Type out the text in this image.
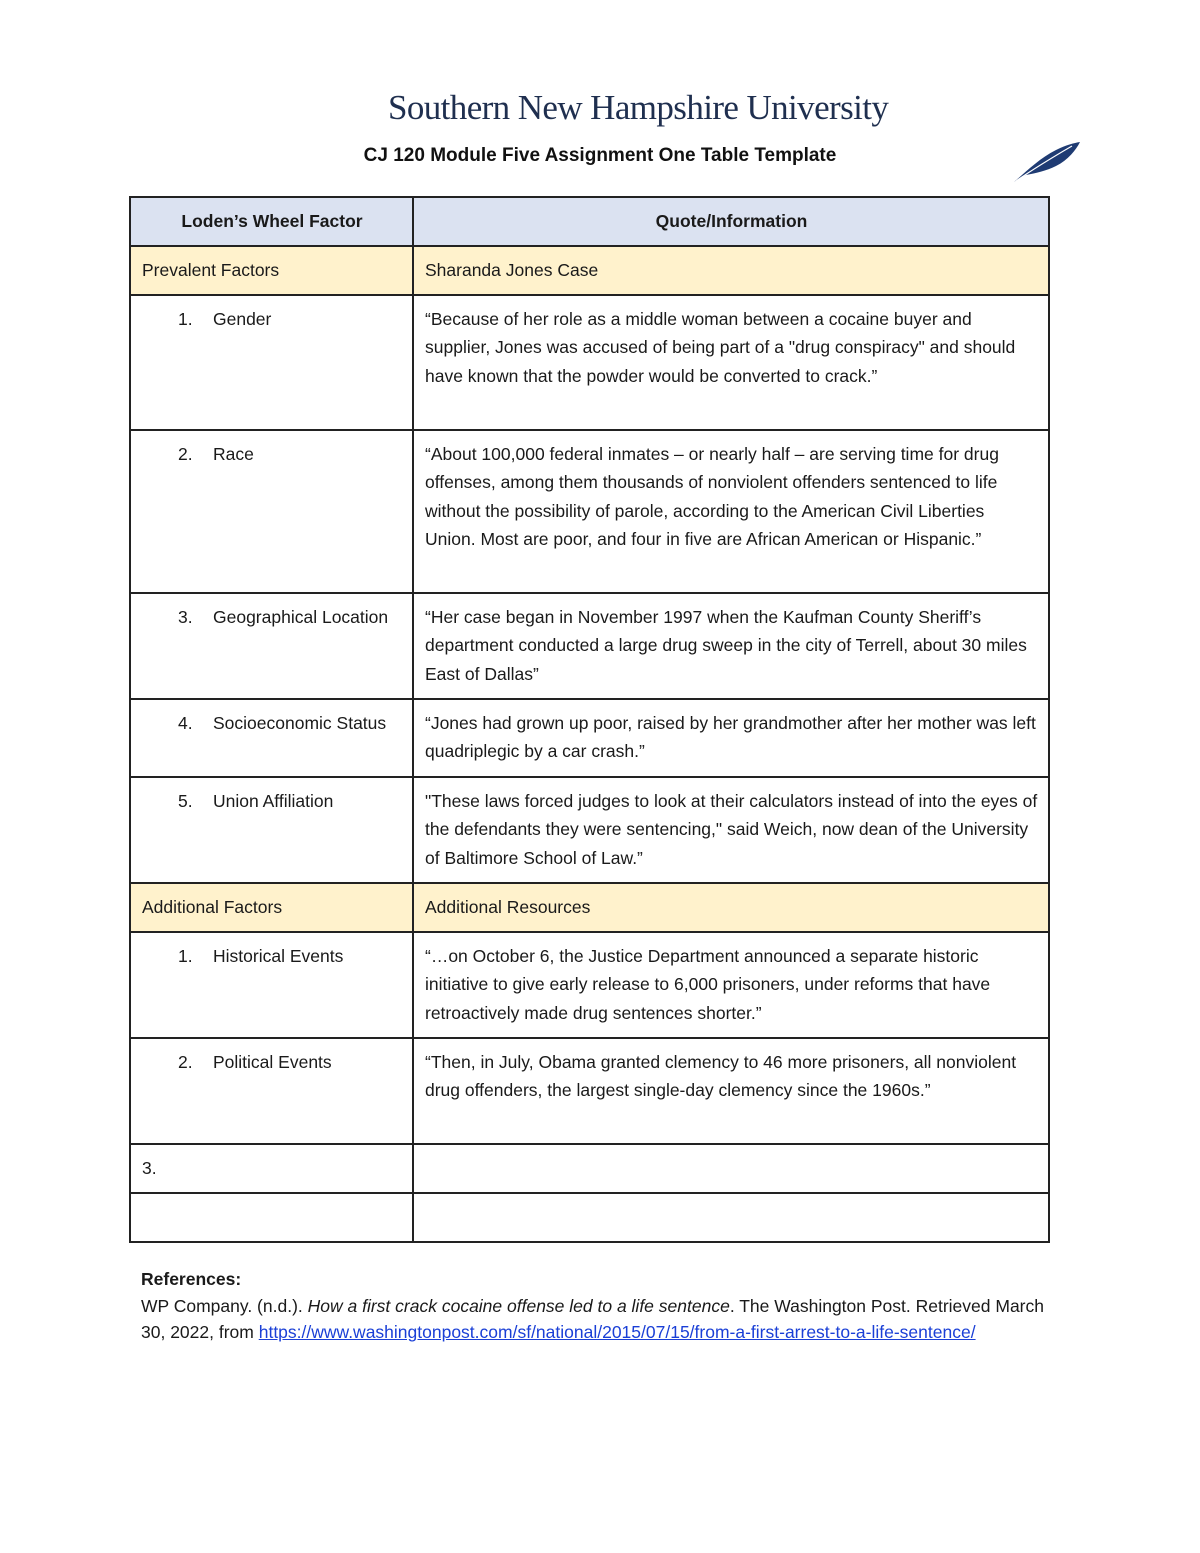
Southern New Hampshire University
CJ 120 Module Five Assignment One Table Template
Loden’s Wheel Factor	Quote/Information
Prevalent Factors	Sharanda Jones Case

1. Gender	“Because of her role as a middle woman between a cocaine buyer and supplier, Jones was accused of being part of a "drug conspiracy" and should have known that the powder would be converted to crack.”

2. Race	“About 100,000 federal inmates – or nearly half – are serving time for drug offenses, among them thousands of nonviolent offenders sentenced to life without the possibility of parole, according to the American Civil Liberties Union. Most are poor, and four in five are African American or Hispanic.”

3. Geographical Location	“Her case began in November 1997 when the Kaufman County Sheriff’s department conducted a large drug sweep in the city of Terrell, about 30 miles East of Dallas”

4. Socioeconomic Status	“Jones had grown up poor, raised by her grandmother after her mother was left quadriplegic by a car crash.”

5. Union Affiliation	"These laws forced judges to look at their calculators instead of into the eyes of the defendants they were sentencing," said Weich, now dean of the University of Baltimore School of Law.”
Additional Factors	Additional Resources

1. Historical Events	“…on October 6, the Justice Department announced a separate historic initiative to give early release to 6,000 prisoners, under reforms that have retroactively made drug sentences shorter.”

2. Political Events	“Then, in July, Obama granted clemency to 46 more prisoners, all nonviolent drug offenders, the largest single-day clemency since the 1960s.”
3.	

References:
WP Company. (n.d.). How a first crack cocaine offense led to a life sentence. The Washington Post. Retrieved March 30, 2022, from https://www.washingtonpost.com/sf/national/2015/07/15/from-a-first-arrest-to-a-life-sentence/
